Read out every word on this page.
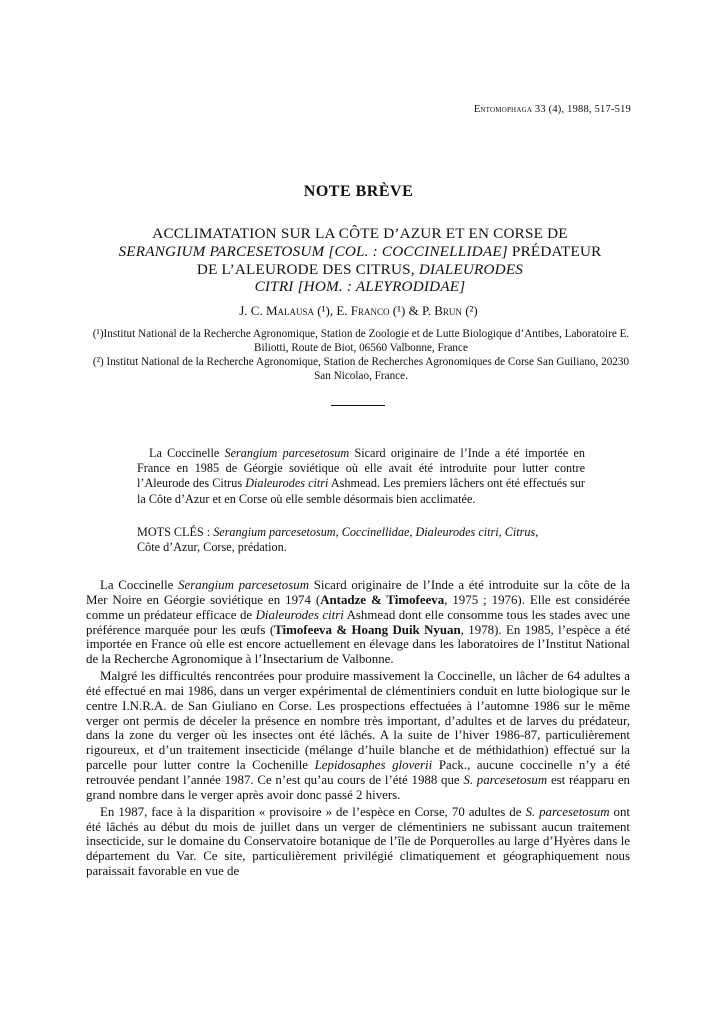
Entomophaga 33 (4), 1988, 517-519
NOTE BRÈVE
ACCLIMATATION SUR LA CÔTE D’AZUR ET EN CORSE DE
SERANGIUM PARCESETOSUM [COL. : COCCINELLIDAE] PRÉDATEUR
DE L’ALEURODE DES CITRUS, DIALEURODES
CITRI [HOM. : ALEYRODIDAE]
J. C. Malausa (¹), E. Franco (¹) & P. Brun (²)
(¹)Institut National de la Recherche Agronomique, Station de Zoologie et de Lutte Biologique d’Antibes, Laboratoire E. Biliotti, Route de Biot, 06560 Valbonne, France
(²) Institut National de la Recherche Agronomique, Station de Recherches Agronomiques de Corse San Guiliano, 20230 San Nicolao, France.

La Coccinelle Serangium parcesetosum Sicard originaire de l’Inde a été importée en France en 1985 de Géorgie soviétique où elle avait été introduite pour lutter contre l’Aleurode des Citrus Dialeurodes citri Ashmead. Les premiers lâchers ont été effectués sur la Côte d’Azur et en Corse où elle semble désormais bien acclimatée.

MOTS CLÉS : Serangium parcesetosum, Coccinellidae, Dialeurodes citri, Citrus,
Côte d’Azur, Corse, prédation.

La Coccinelle Serangium parcesetosum Sicard originaire de l’Inde a été introduite sur la côte de la Mer Noire en Géorgie soviétique en 1974 (Antadze & Timofeeva, 1975 ; 1976). Elle est considérée comme un prédateur efficace de Dialeurodes citri Ashmead dont elle consomme tous les stades avec une préférence marquée pour les œufs (Timofeeva & Hoang Duik Nyuan, 1978). En 1985, l’espèce a été importée en France où elle est encore actuellement en élevage dans les laboratoires de l’Institut National de la Recherche Agronomique à l’Insectarium de Valbonne.

Malgré les difficultés rencontrées pour produire massivement la Coccinelle, un lâcher de 64 adultes a été effectué en mai 1986, dans un verger expérimental de clémentiniers conduit en lutte biologique sur le centre I.N.R.A. de San Giuliano en Corse. Les prospections effectuées à l’automne 1986 sur le même verger ont permis de déceler la présence en nombre très important, d’adultes et de larves du prédateur, dans la zone du verger où les insectes ont été lâchés. A la suite de l’hiver 1986-87, particulièrement rigoureux, et d’un traitement insecticide (mélange d’huile blanche et de méthidathion) effectué sur la parcelle pour lutter contre la Cochenille Lepidosaphes gloverii Pack., aucune coccinelle n’y a été retrouvée pendant l’année 1987. Ce n’est qu’au cours de l’été 1988 que S. parcesetosum est réapparu en grand nombre dans le verger après avoir donc passé 2 hivers.

En 1987, face à la disparition « provisoire » de l’espèce en Corse, 70 adultes de S. parcesetosum ont été lâchés au début du mois de juillet dans un verger de clémentiniers ne subissant aucun traitement insecticide, sur le domaine du Conservatoire botanique de l’île de Porquerolles au large d’Hyères dans le département du Var. Ce site, particulièrement privilégié climatiquement et géographiquement nous paraissait favorable en vue de
